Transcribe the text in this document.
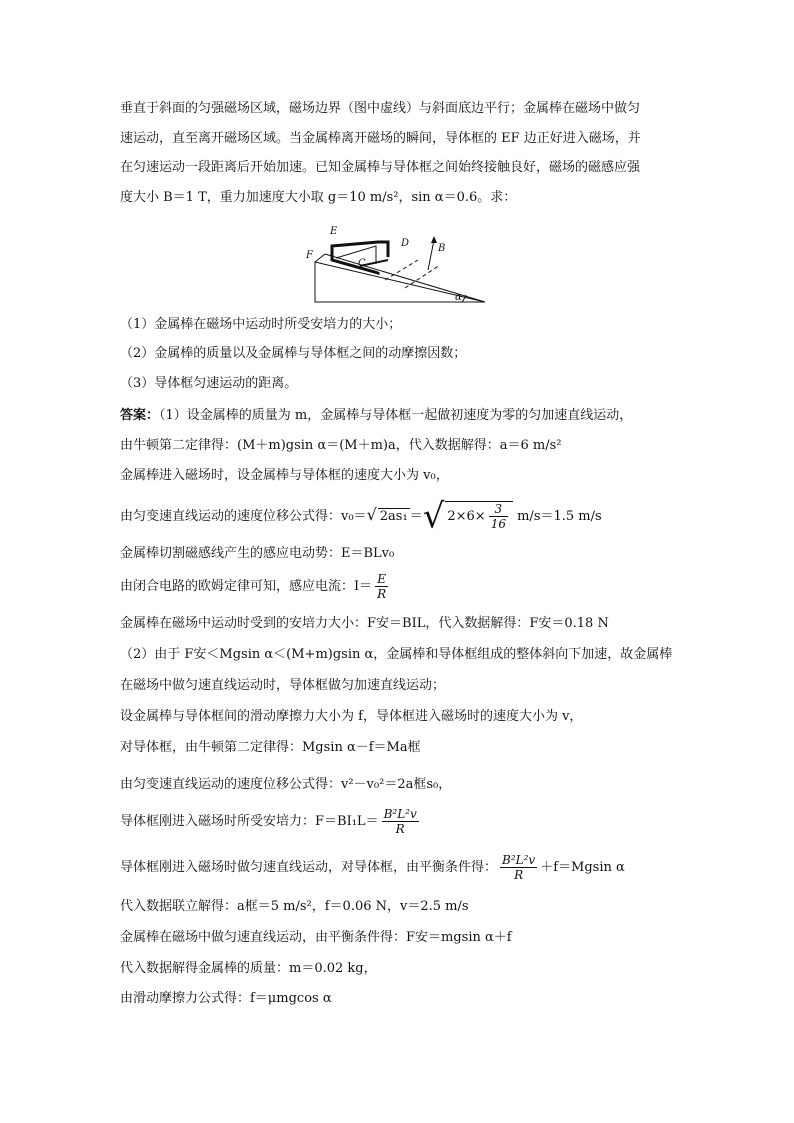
垂直于斜面的匀强磁场区域，磁场边界（图中虚线）与斜面底边平行；金属棒在磁场中做匀
速运动，直至离开磁场区域。当金属棒离开磁场的瞬间，导体框的 EF 边正好进入磁场，并
在匀速运动一段距离后开始加速。已知金属棒与导体框之间始终接触良好，磁场的磁感应强
度大小 B＝1 T，重力加速度大小取 g＝10 m/s²，sin α＝0.6。求：
E
D	B
F
C
α
（1）金属棒在磁场中运动时所受安培力的大小；
（2）金属棒的质量以及金属棒与导体框之间的动摩擦因数；
（3）导体框匀速运动的距离。
答案：（1）设金属棒的质量为 m，金属棒与导体框一起做初速度为零的匀加速直线运动，
由牛顿第二定律得：(M＋m)gsin α＝(M＋m)a，代入数据解得：a＝6 m/s²
金属棒进入磁场时，设金属棒与导体框的速度大小为 v₀，
由匀变速直线运动的速度位移公式得：v₀＝√ 2as₁ ＝√ $2\times 6\times \frac{3}{16} m/s=1.5$ m/s
金属棒切割磁感线产生的感应电动势：E＝BLv₀
由闭合电路的欧姆定律可知，感应电流：$I= \frac{E}{R}$
金属棒在磁场中运动时受到的安培力大小：F安＝BIL，代入数据解得：F安＝0.18 N
（2）由于 F安＜Mgsin α＜(M+m)gsin α，金属棒和导体框组成的整体斜向下加速，故金属棒
在磁场中做匀速直线运动时，导体框做匀加速直线运动；
设金属棒与导体框间的滑动摩擦力大小为 f，导体框进入磁场时的速度大小为 v，
对导体框，由牛顿第二定律得：Mgsin α－f＝Ma框
由匀变速直线运动的速度位移公式得：v²－v₀²＝2a框s₀，
导体框刚进入磁场时所受安培力：$F=BI_1L= \frac{\text{B²L²v}}{R}$
导体框刚进入磁场时做匀速直线运动，对导体框，由平衡条件得： $\frac{\text{B²L²v}}{R} +f=Mgsin$ α
代入数据联立解得：a框＝5 m/s²，f＝0.06 N，v＝2.5 m/s
金属棒在磁场中做匀速直线运动，由平衡条件得：F安＝mgsin α＋f
代入数据解得金属棒的质量：m＝0.02 kg，
由滑动摩擦力公式得：f＝μmgcos α
